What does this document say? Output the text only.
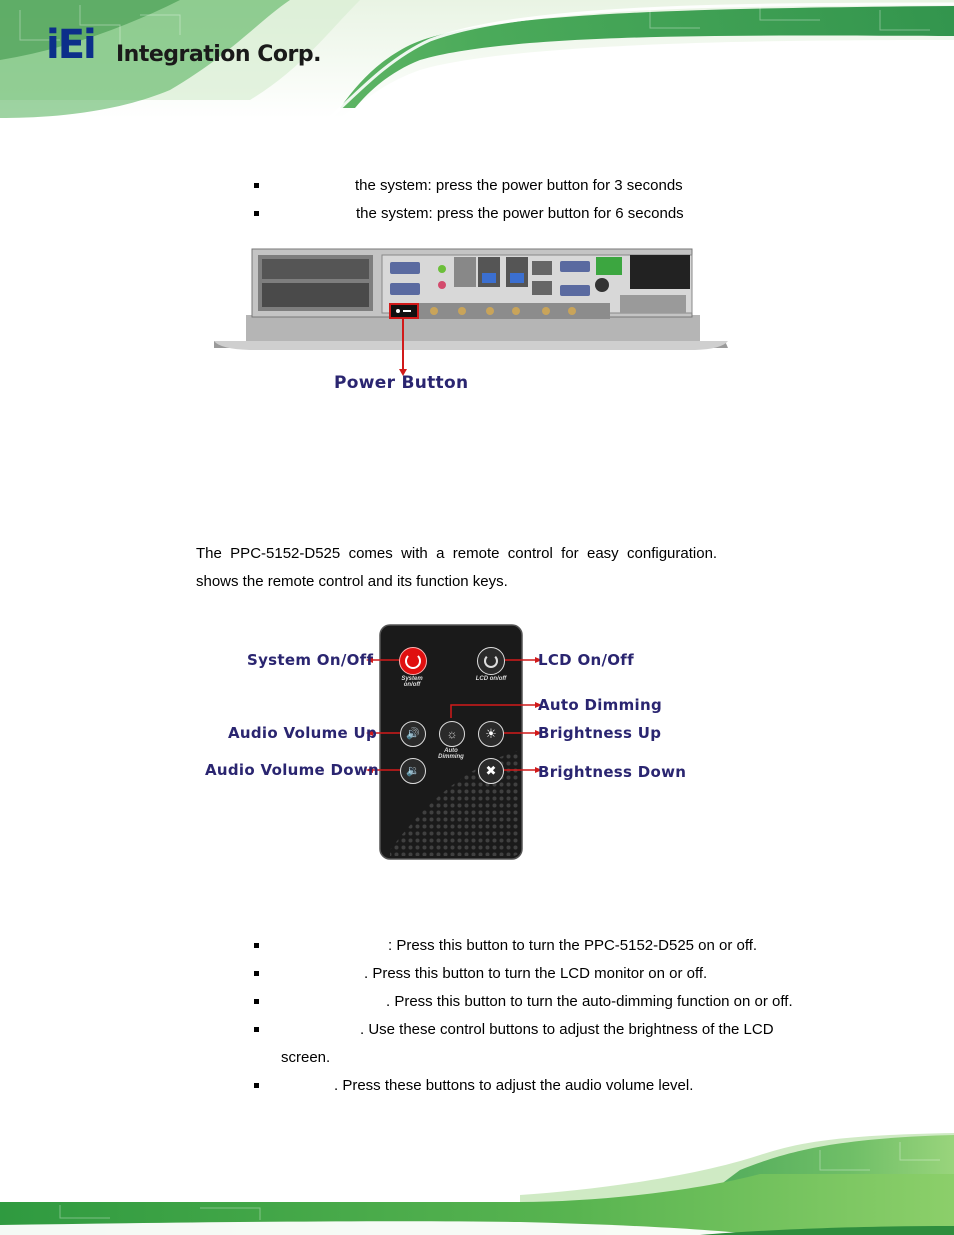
iEi Integration Corp.
the system: press the power button for 3 seconds
the system: press the power button for 6 seconds
Power Button
The  PPC-5152-D525  comes  with  a  remote  control  for  easy  configuration.
shows the remote control and its function keys.
System on/off
LCD on/off
🔊	☼
Auto Dimming
☀
🔉	✖
System On/Off	LCD On/Off
Auto Dimming
Audio Volume Up	Brightness Up
Audio Volume Down	Brightness Down
: Press this button to turn the PPC-5152-D525 on or off.
. Press this button to turn the LCD monitor on or off.
. Press this button to turn the auto-dimming function on or off.
. Use these control buttons to adjust the brightness of the LCD
screen.
. Press these buttons to adjust the audio volume level.
